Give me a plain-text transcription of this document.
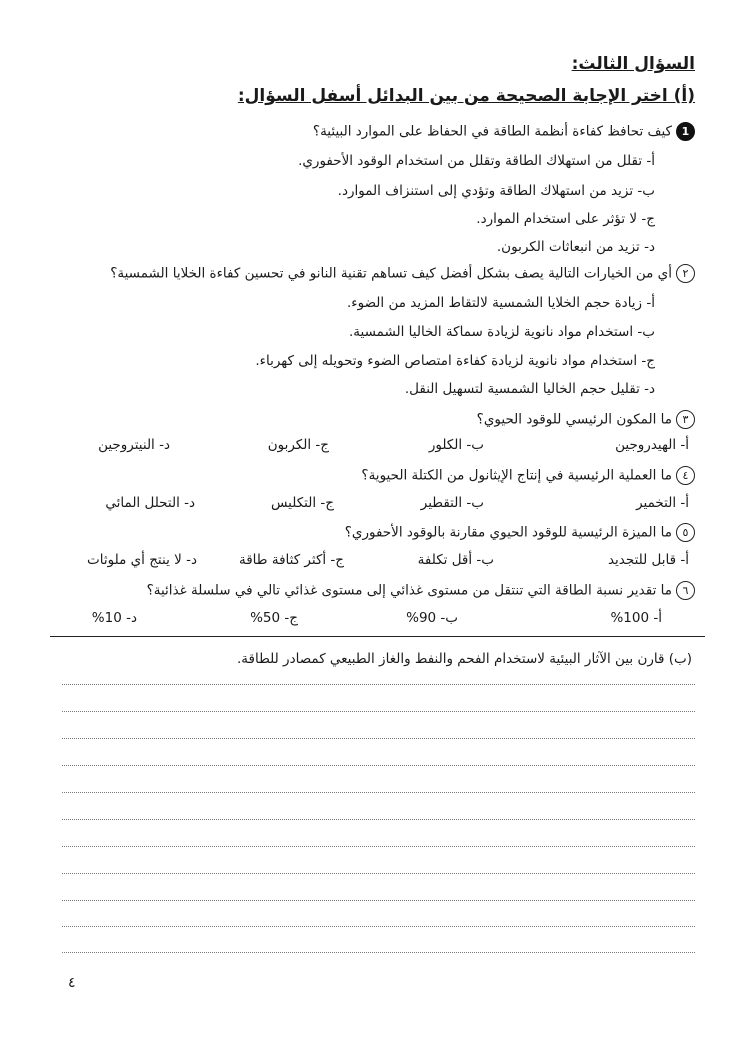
السؤال الثالث:
(أ) اختر الإجابة الصحيحة من بين البدائل أسفل السؤال:
1كيف تحافظ كفاءة أنظمة الطاقة في الحفاظ على الموارد البيئية؟
أ- تقلل من استهلاك الطاقة وتقلل من استخدام الوقود الأحفوري.
ب- تزيد من استهلاك الطاقة وتؤدي إلى استنزاف الموارد.
ج- لا تؤثر على استخدام الموارد.
د- تزيد من انبعاثات الكربون.
٢أي من الخيارات التالية يصف بشكل أفضل كيف تساهم تقنية النانو في تحسين كفاءة الخلايا الشمسية؟
أ- زيادة حجم الخلايا الشمسية لالتقاط المزيد من الضوء.
ب- استخدام مواد نانوية لزيادة سماكة الخاليا الشمسية.
ج- استخدام مواد نانوية لزيادة كفاءة امتصاص الضوء وتحويله إلى كهرباء.
د- تقليل حجم الخاليا الشمسية لتسهيل النقل.
٣ما المكون الرئيسي للوقود الحيوي؟
أ- الهيدروجين
ب- الكلور
ج- الكربون
د- النيتروجين
٤ما العملية الرئيسية في إنتاج الإيثانول من الكتلة الحيوية؟
أ- التخمير
ب- التقطير
ج- التكليس
د- التحلل المائي
٥ما الميزة الرئيسية للوقود الحيوي مقارنة بالوقود الأحفوري؟
أ- قابل للتجديد
ب- أقل تكلفة
ج- أكثر كثافة طاقة
د- لا ينتج أي ملوثات
٦ما تقدير نسبة الطاقة التي تنتقل من مستوى غذائي إلى مستوى غذائي تالي في سلسلة غذائية؟
أ- 100%
ب- 90%
ج- 50%
د- 10%
(ب) قارن بين الآثار البيئية لاستخدام الفحم والنفط والغاز الطبيعي كمصادر للطاقة.
٤
